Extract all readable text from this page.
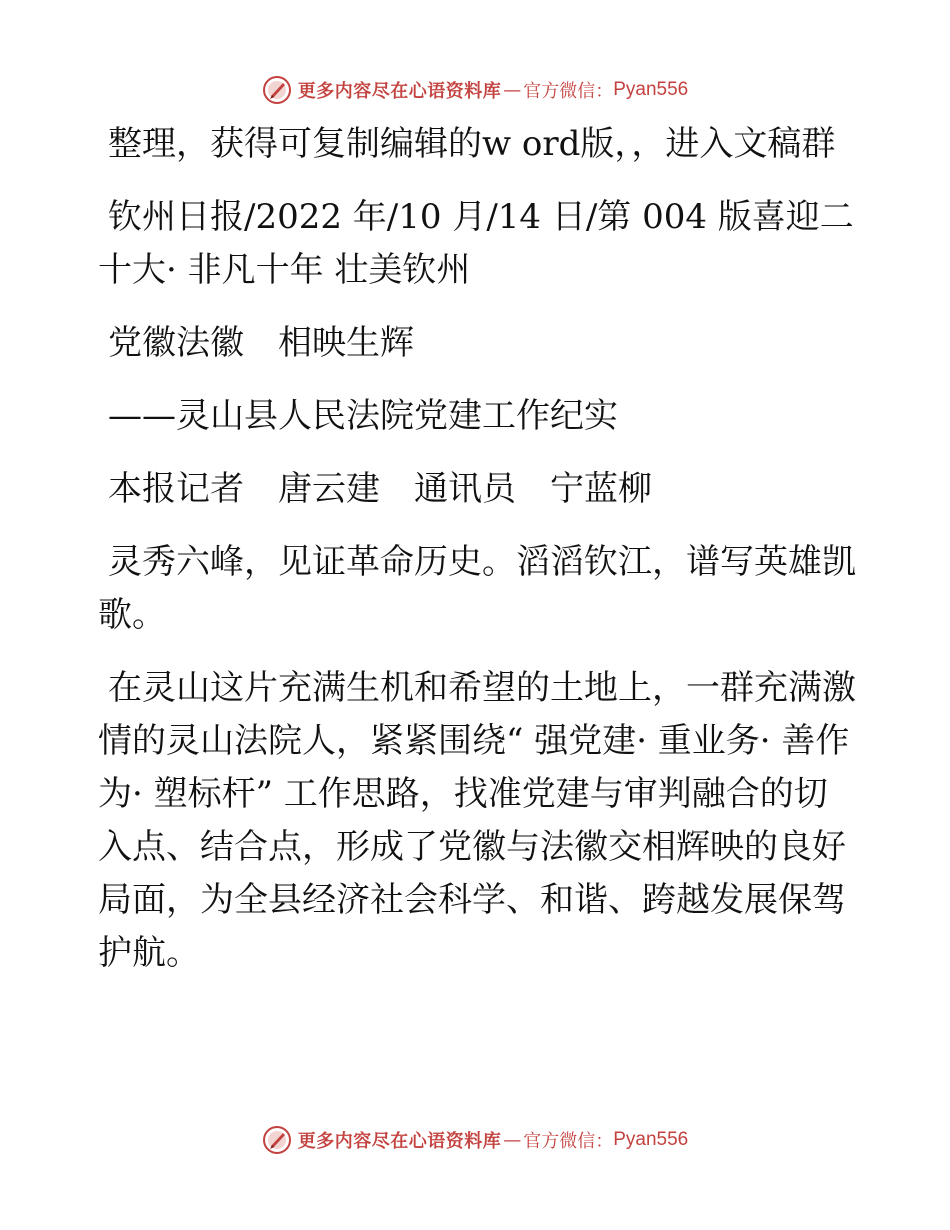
更多内容尽在心语资料库 — 官方微信： Pyan556

整理，获得可复制编辑的w ord版，，进入文稿群

钦州日报/2022 年/10 月/14 日/第 004 版喜迎二十大· 非凡十年 壮美钦州

党徽法徽　相映生辉

——灵山县人民法院党建工作纪实

本报记者　唐云建　通讯员　宁蓝柳

灵秀六峰，见证革命历史。滔滔钦江，谱写英雄凯歌。

在灵山这片充满生机和希望的土地上，一群充满激情的灵山法院人，紧紧围绕“ 强党建· 重业务· 善作为· 塑标杆” 工作思路，找准党建与审判融合的切入点、结合点，形成了党徽与法徽交相辉映的良好局面，为全县经济社会科学、和谐、跨越发展保驾护航。

更多内容尽在心语资料库 — 官方微信： Pyan556
